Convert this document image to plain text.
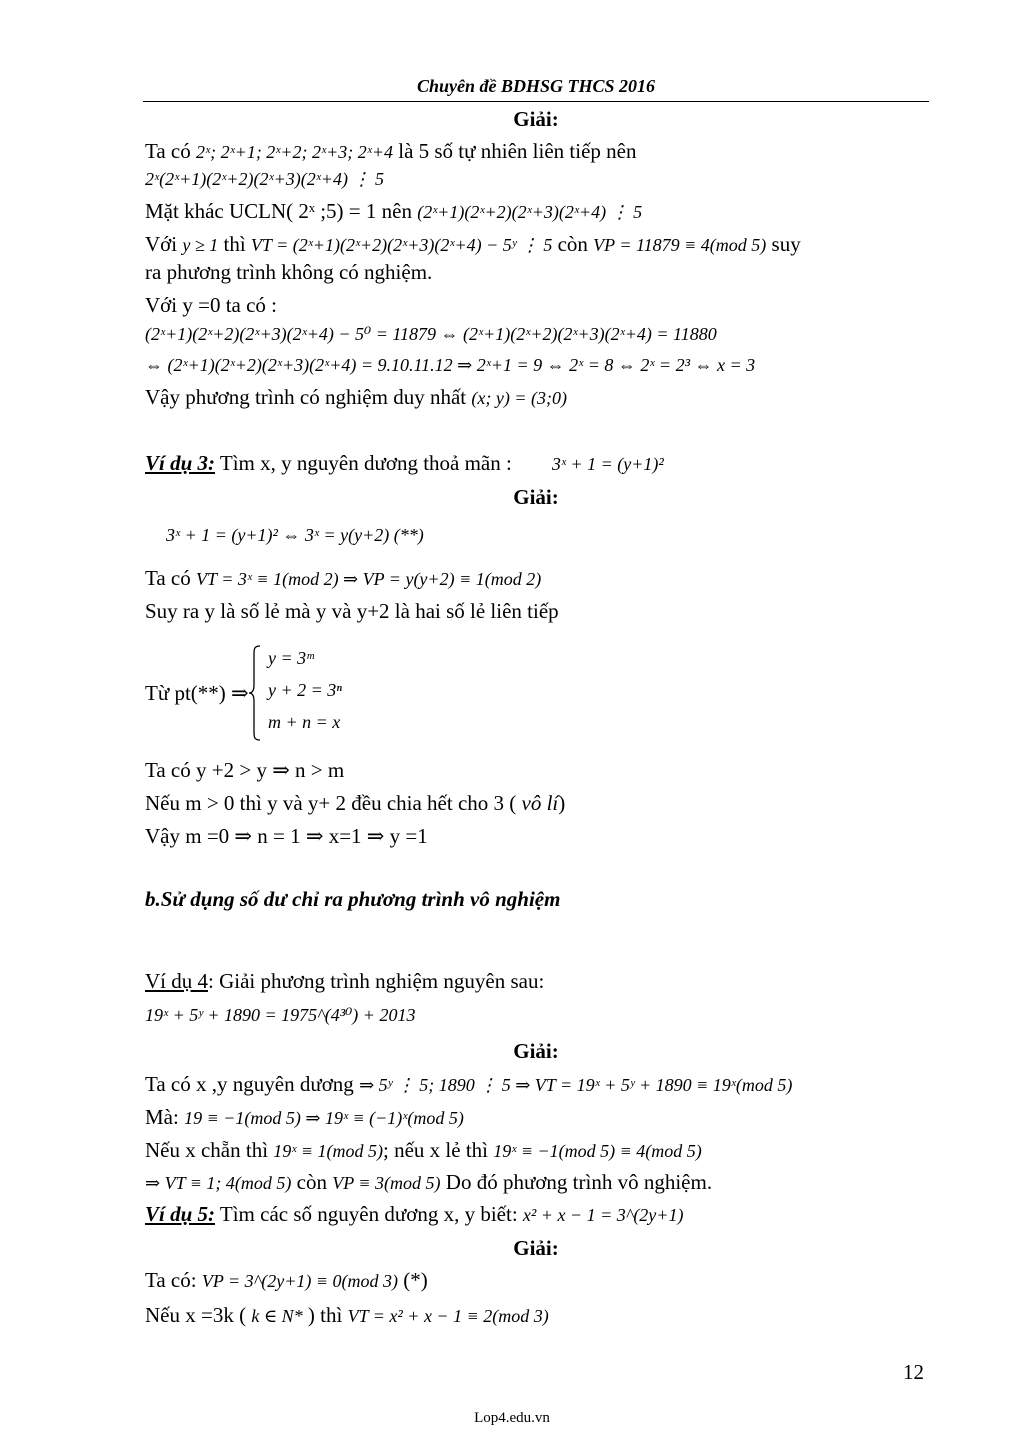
Chuyên đề BDHSG THCS 2016
Giải:
Ta có 2ˣ; 2ˣ+1; 2ˣ+2; 2ˣ+3; 2ˣ+4 là 5 số tự nhiên liên tiếp nên
2ˣ(2ˣ+1)(2ˣ+2)(2ˣ+3)(2ˣ+4) ⋮ 5
Mặt khác UCLN( 2ˣ ;5) = 1 nên (2ˣ+1)(2ˣ+2)(2ˣ+3)(2ˣ+4) ⋮ 5
Với y ≥ 1 thì VT = (2ˣ+1)(2ˣ+2)(2ˣ+3)(2ˣ+4) − 5ʸ ⋮ 5 còn VP = 11879 ≡ 4(mod 5) suy
ra phương trình không có nghiệm.
Với y =0 ta có :
(2ˣ+1)(2ˣ+2)(2ˣ+3)(2ˣ+4) − 5⁰ = 11879 ⇔ (2ˣ+1)(2ˣ+2)(2ˣ+3)(2ˣ+4) = 11880
⇔ (2ˣ+1)(2ˣ+2)(2ˣ+3)(2ˣ+4) = 9.10.11.12 ⇒ 2ˣ+1 = 9 ⇔ 2ˣ = 8 ⇔ 2ˣ = 2³ ⇔ x = 3
Vậy phương trình có nghiệm duy nhất (x; y) = (3;0)
Ví dụ 3: Tìm x, y nguyên dương thoả mãn : 3ˣ + 1 = (y+1)²
Giải:
3ˣ + 1 = (y+1)² ⇔ 3ˣ = y(y+2) (**)
Ta có VT = 3ˣ ≡ 1(mod 2) ⇒ VP = y(y+2) ≡ 1(mod 2)
Suy ra y là số lẻ mà y và y+2 là hai số lẻ liên tiếp
Từ pt(**) ⇒
y = 3ᵐ
y + 2 = 3ⁿ
m + n = x
Ta có y +2 > y ⇒ n > m
Nếu m > 0 thì y và y+ 2 đều chia hết cho 3 ( vô lí)
Vậy m =0 ⇒ n = 1 ⇒ x=1 ⇒ y =1
b.Sử dụng số dư chỉ ra phương trình vô nghiệm
Ví dụ 4: Giải phương trình nghiệm nguyên sau:
19ˣ + 5ʸ + 1890 = 1975^(4³⁰) + 2013
Giải:
Ta có x ,y nguyên dương ⇒ 5ʸ ⋮ 5; 1890 ⋮ 5 ⇒ VT = 19ˣ + 5ʸ + 1890 ≡ 19ˣ(mod 5)
Mà: 19 ≡ −1(mod 5) ⇒ 19ˣ ≡ (−1)ˣ(mod 5)
Nếu x chẵn thì 19ˣ ≡ 1(mod 5); nếu x lẻ thì 19ˣ ≡ −1(mod 5) ≡ 4(mod 5)
⇒ VT ≡ 1; 4(mod 5) còn VP ≡ 3(mod 5) Do đó phương trình vô nghiệm.
Ví dụ 5: Tìm các số nguyên dương x, y biết: x² + x − 1 = 3^(2y+1)
Giải:
Ta có: VP = 3^(2y+1) ≡ 0(mod 3) (*)
Nếu x =3k ( k ∈ N* ) thì VT = x² + x − 1 ≡ 2(mod 3)
12
Lop4.edu.vn
